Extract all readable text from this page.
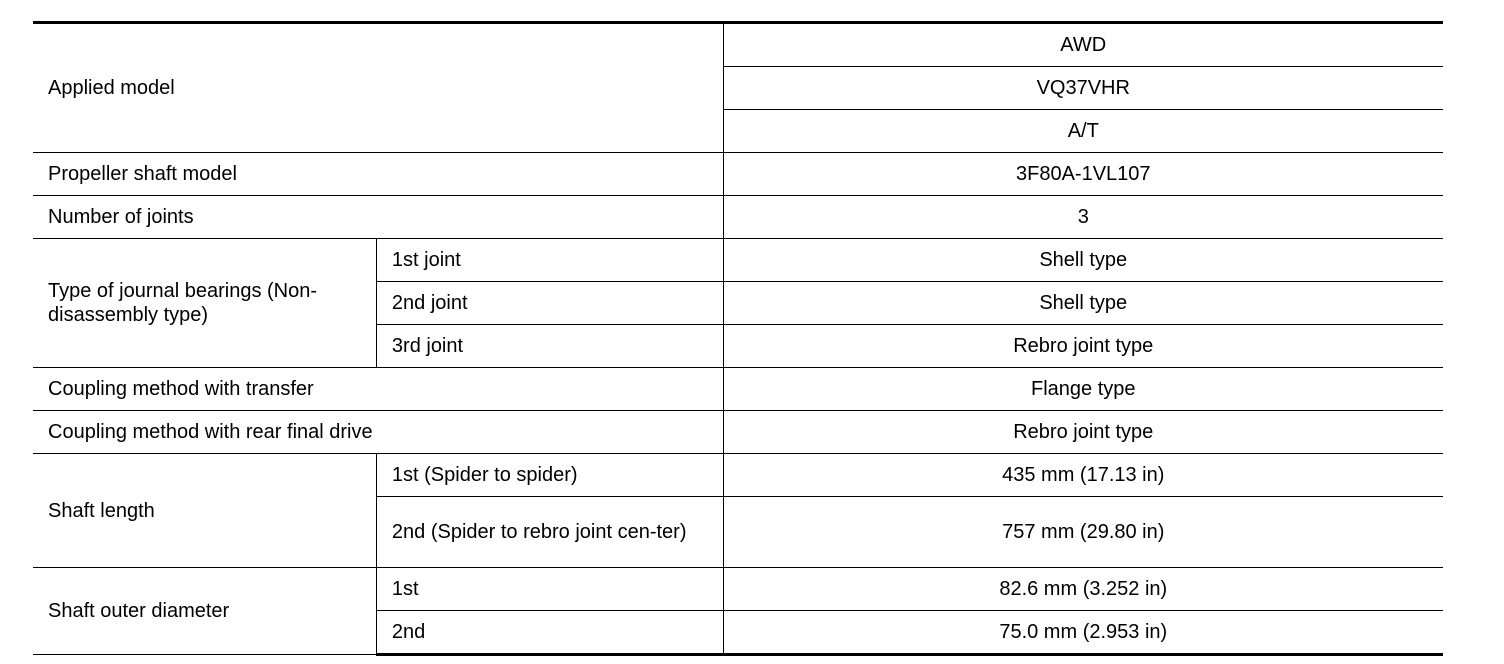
Applied model		AWD
		VQ37VHR
		A/T
Propeller shaft model		3F80A-1VL107
Number of joints		3
Type of journal bearings (Non-disassembly type)	1st joint	Shell type
	2nd joint	Shell type
	3rd joint	Rebro joint type
Coupling method with transfer		Flange type
Coupling method with rear final drive		Rebro joint type
Shaft length	1st (Spider to spider)	435 mm (17.13 in)
	2nd (Spider to rebro joint cen-ter)	757 mm (29.80 in)
Shaft outer diameter	1st	82.6 mm (3.252 in)
	2nd	75.0 mm (2.953 in)
